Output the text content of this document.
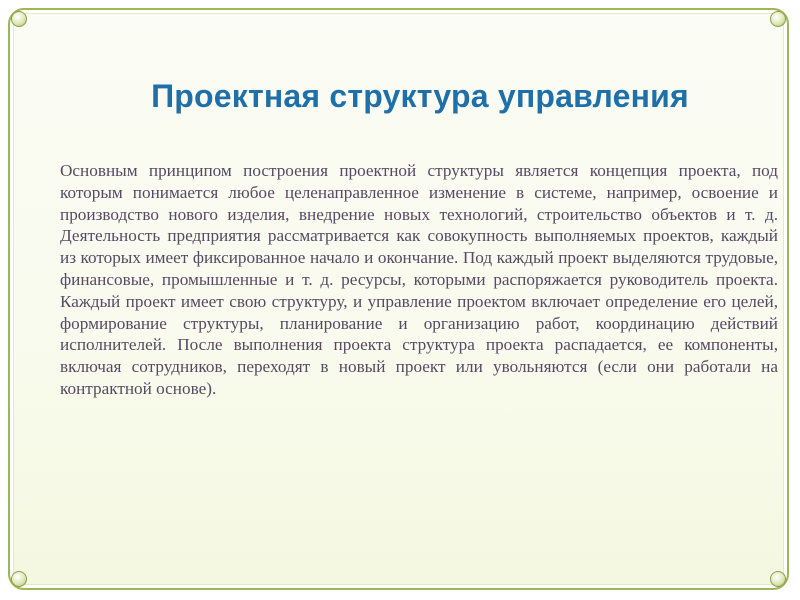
Проектная структура управления

Основным принципом построения проектной структуры является концепция проекта, под которым понимается любое целенаправленное изменение в системе, например, освоение и производство нового изделия, внедрение новых технологий, строительство объектов и т. д. Деятельность предприятия рассматривается как совокупность выполняемых проектов, каждый из которых имеет фиксированное начало и окончание. Под каждый проект выделяются трудовые, финансовые, промышленные и т. д. ресурсы, которыми распоряжается руководитель проекта. Каждый проект имеет свою структуру, и управление проектом включает определение его целей, формирование структуры, планирование и организацию работ, координацию действий исполнителей. После выполнения проекта структура проекта распадается, ее компоненты, включая сотрудников, переходят в новый проект или увольняются (если они работали на контрактной основе).
